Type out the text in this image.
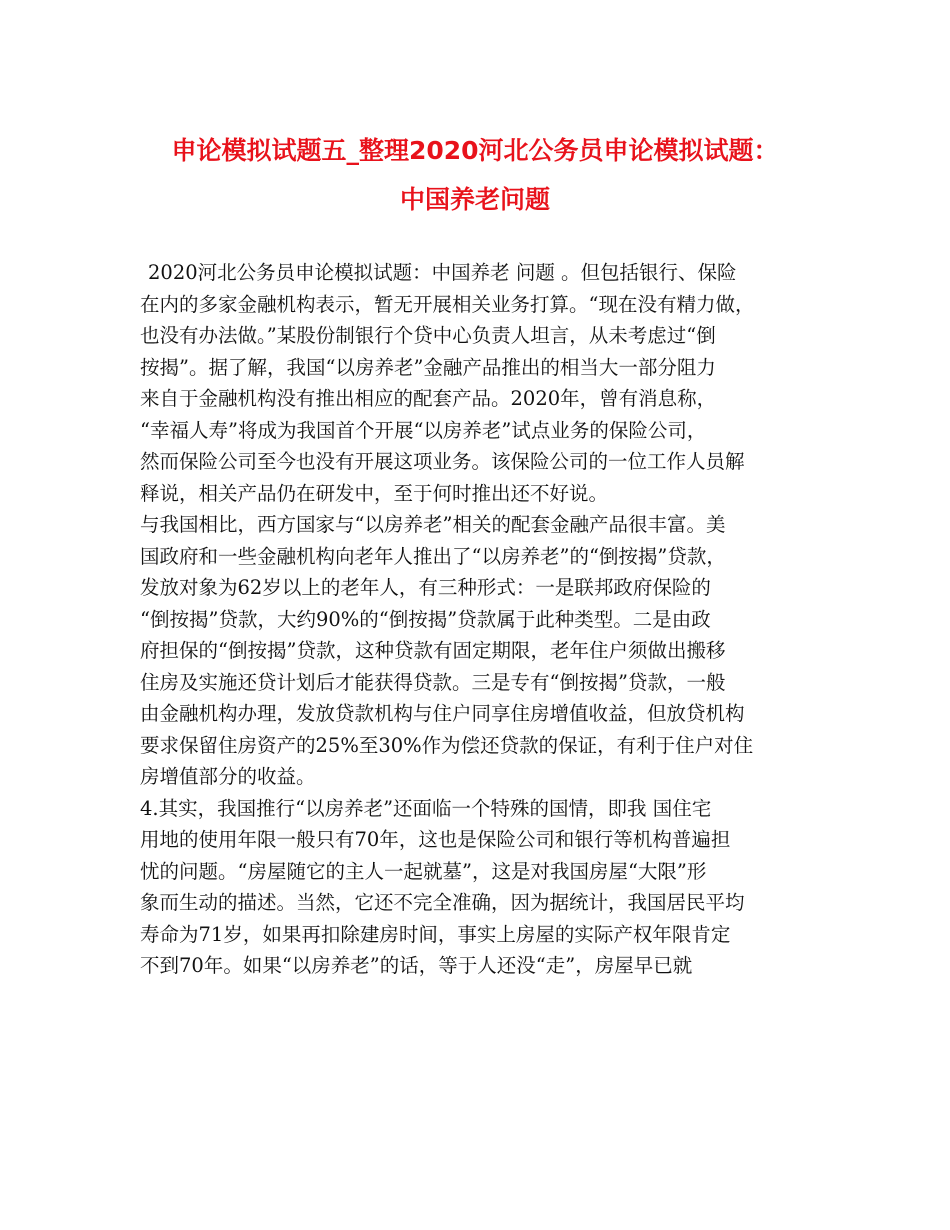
申论模拟试题五_整理2020河北公务员申论模拟试题：
中国养老问题
2020河北公务员申论模拟试题：中国养老 问题 。但包括银行、保险
在内的多家金融机构表示，暂无开展相关业务打算。“现在没有精力做，
也没有办法做。”某股份制银行个贷中心负责人坦言，从未考虑过“倒
按揭”。据了解，我国“以房养老”金融产品推出的相当大一部分阻力
来自于金融机构没有推出相应的配套产品。2020年，曾有消息称，
“幸福人寿”将成为我国首个开展“以房养老”试点业务的保险公司，
然而保险公司至今也没有开展这项业务。该保险公司的一位工作人员解
释说，相关产品仍在研发中，至于何时推出还不好说。
与我国相比，西方国家与“以房养老”相关的配套金融产品很丰富。美
国政府和一些金融机构向老年人推出了“以房养老”的“倒按揭”贷款，
发放对象为62岁以上的老年人，有三种形式：一是联邦政府保险的
“倒按揭”贷款，大约90%的“倒按揭”贷款属于此种类型。二是由政
府担保的“倒按揭”贷款，这种贷款有固定期限，老年住户须做出搬移
住房及实施还贷计划后才能获得贷款。三是专有“倒按揭”贷款，一般
由金融机构办理，发放贷款机构与住户同享住房增值收益，但放贷机构
要求保留住房资产的25%至30%作为偿还贷款的保证，有利于住户对住
房增值部分的收益。
4.其实，我国推行“以房养老”还面临一个特殊的国情，即我 国住宅
用地的使用年限一般只有70年，这也是保险公司和银行等机构普遍担
忧的问题。“房屋随它的主人一起就墓”，这是对我国房屋“大限”形
象而生动的描述。当然，它还不完全准确，因为据统计，我国居民平均
寿命为71岁，如果再扣除建房时间，事实上房屋的实际产权年限肯定
不到70年。如果“以房养老”的话，等于人还没“走”，房屋早已就
